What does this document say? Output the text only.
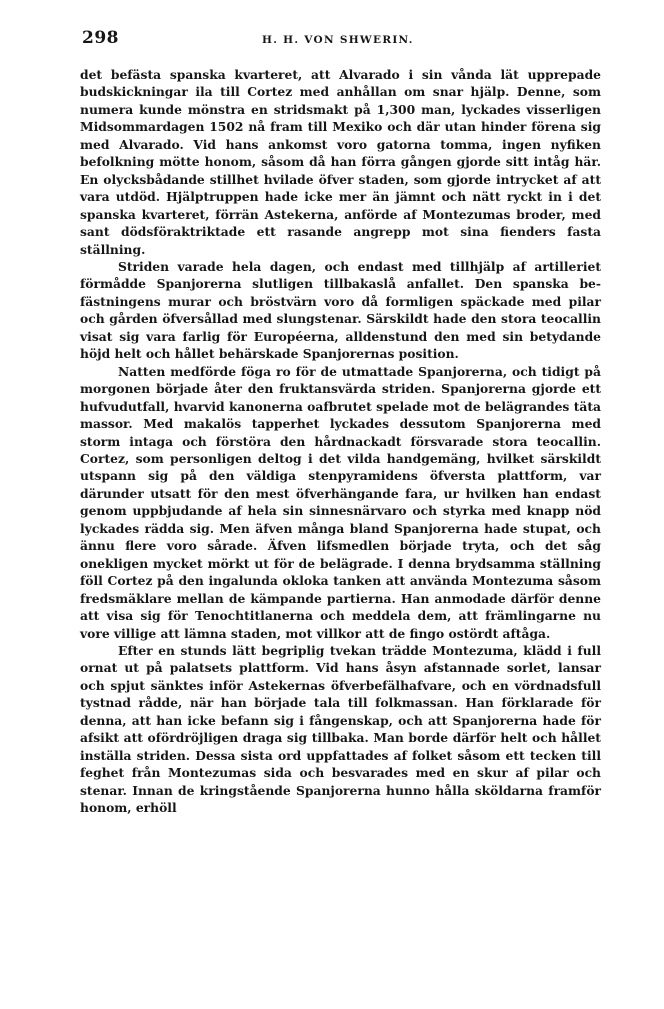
298	H. H. VON SHWERIN.

det befästa spanska kvarteret, att Alvarado i sin vånda lät upprepade budskickningar ila till Cortez med anhållan om snar hjälp. Denne, som numera kunde mönstra en stridsmakt på 1,300 man, lyckades visserligen Midsommardagen 1502 nå fram till Mexiko och där utan hinder förena sig med Alvarado. Vid hans ankomst voro gatorna tomma, ingen nyfiken befolkning mötte honom, såsom då han förra gången gjorde sitt intåg här. En olycksbådande stillhet hvilade öfver staden, som gjorde intrycket af att vara utdöd. Hjälptruppen hade icke mer än jämnt och nätt ryckt in i det spanska kvarteret, förrän Astekerna, anförde af Montezumas broder, med sant dödsföraktriktade ett rasande angrepp mot sina fienders fasta ställning.

Striden varade hela dagen, och endast med tillhjälp af artilleriet förmådde Spanjorerna slutligen tillbakaslå anfallet. Den spanska befästningens murar och bröstvärn voro då formligen späckade med pilar och gården öfversållad med slungstenar. Särskildt hade den stora teocallin visat sig vara farlig för Européerna, alldenstund den med sin betydande höjd helt och hållet behärskade Spanjorernas position.

Natten medförde föga ro för de utmattade Spanjorerna, och tidigt på morgonen började åter den fruktansvärda striden. Spanjorerna gjorde ett hufvudutfall, hvarvid kanonerna oafbrutet spelade mot de belägrandes täta massor. Med makalös tapperhet lyckades dessutom Spanjorerna med storm intaga och förstöra den hårdnackadt försvarade stora teocallin. Cortez, som personligen deltog i det vilda handgemäng, hvilket särskildt utspann sig på den väldiga stenpyramidens öfversta plattform, var därunder utsatt för den mest öfverhängande fara, ur hvilken han endast genom uppbjudande af hela sin sinnesnärvaro och styrka med knapp nöd lyckades rädda sig. Men äfven många bland Spanjorerna hade stupat, och ännu flere voro sårade. Äfven lifsmedlen började tryta, och det såg onekligen mycket mörkt ut för de belägrade. I denna brydsamma ställning föll Cortez på den ingalunda okloka tanken att använda Montezuma såsom fredsmäklare mellan de kämpande partierna. Han anmodade därför denne att visa sig för Tenochtitlanerna och meddela dem, att främlingarne nu vore villige att lämna staden, mot villkor att de fingo ostördt aftåga.

Efter en stunds lätt begriplig tvekan trädde Montezuma, klädd i full ornat ut på palatsets plattform. Vid hans åsyn afstannade sorlet, lansar och spjut sänktes inför Astekernas öfverbefälhafvare, och en vördnadsfull tystnad rådde, när han började tala till folkmassan. Han förklarade för denna, att han icke befann sig i fångenskap, och att Spanjorerna hade för afsikt att ofördröjligen draga sig tillbaka. Man borde därför helt och hållet inställa striden. Dessa sista ord uppfattades af folket såsom ett tecken till feghet från Montezumas sida och besvarades med en skur af pilar och stenar. Innan de kringstående Spanjorerna hunno hålla sköldarna framför honom, erhöll
